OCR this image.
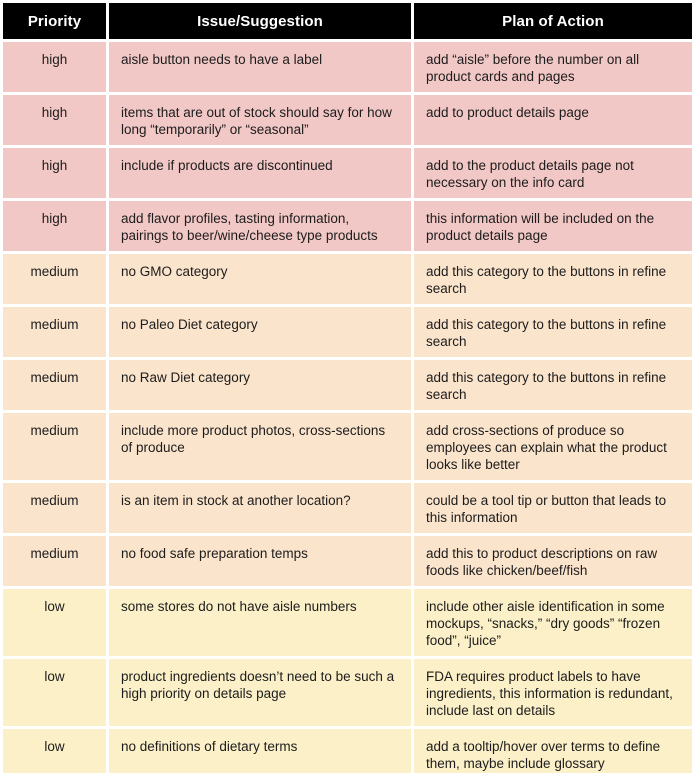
Priority	Issue/Suggestion	Plan of Action
high	aisle button needs to have a label	add “aisle” before the number on all product cards and pages
high	items that are out of stock should say for how long “temporarily” or “seasonal”	add to product details page
high	include if products are discontinued	add to the product details page not necessary on the info card
high	add flavor profiles, tasting information, pairings to beer/wine/cheese type products	this information will be included on the product details page
medium	no GMO category	add this category to the buttons in refine search
medium	no Paleo Diet category	add this category to the buttons in refine search
medium	no Raw Diet category	add this category to the buttons in refine search
medium	include more product photos, cross-sections of produce	add cross-sections of produce so employees can explain what the product looks like better
medium	is an item in stock at another location?	could be a tool tip or button that leads to this information
medium	no food safe preparation temps	add this to product descriptions on raw foods like chicken/beef/fish
low	some stores do not have aisle numbers	include other aisle identification in some mockups, “snacks,” “dry goods” “frozen food”, “juice”
low	product ingredients doesn’t need to be such a high priority on details page	FDA requires product labels to have ingredients, this information is redundant, include last on details
low	no definitions of dietary terms	add a tooltip/hover over terms to define them, maybe include glossary
